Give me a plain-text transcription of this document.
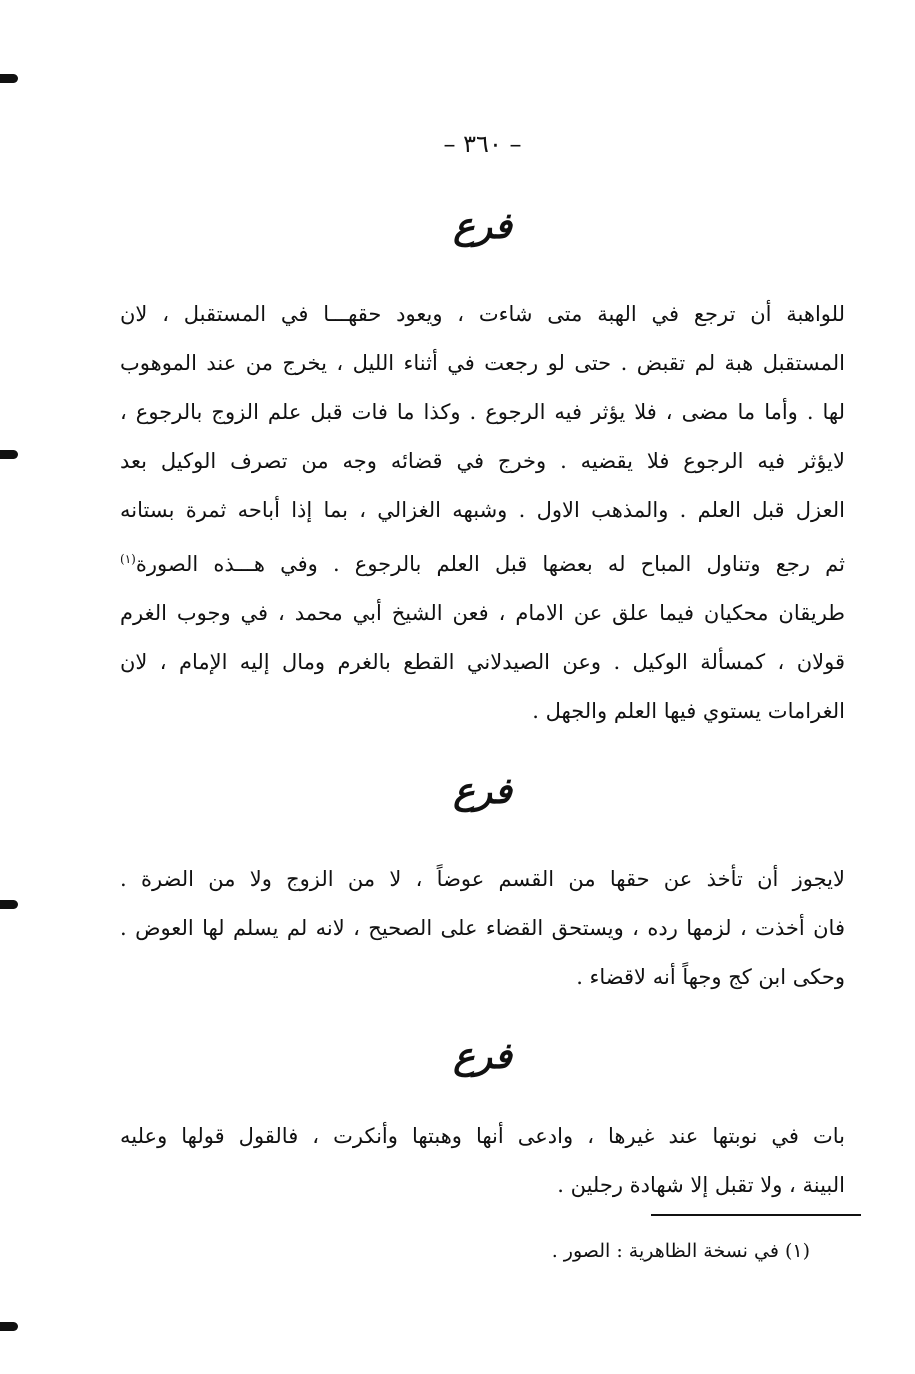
– ٣٦٠ –
فرع
للواهبة أن ترجع في الهبة متى شاءت ، ويعود حقهـــا في المستقبل ، لان
المستقبل هبة لم تقبض . حتى لو رجعت في أثناء الليل ، يخرج من عند الموهوب
لها . وأما ما مضى ، فلا يؤثر فيه الرجوع . وكذا ما فات قبل علم الزوج بالرجوع ،
لايؤثر فيه الرجوع فلا يقضيه . وخرج في قضائه وجه من تصرف الوكيل بعد
العزل قبل العلم . والمذهب الاول . وشبهه الغزالي ، بما إذا أباحه ثمرة بستانه
ثم رجع وتناول المباح له بعضها قبل العلم بالرجوع . وفي هـــذه الصورة$^{(١)}$
طريقان محكيان فيما علق عن الامام ، فعن الشيخ أبي محمد ، في وجوب الغرم
قولان ، كمسألة الوكيل . وعن الصيدلاني القطع بالغرم ومال إليه الإمام ، لان
الغرامات يستوي فيها العلم والجهل .
فرع
لايجوز أن تأخذ عن حقها من القسم عوضاً ، لا من الزوج ولا من الضرة .
فان أخذت ، لزمها رده ، ويستحق القضاء على الصحيح ، لانه لم يسلم لها العوض .
وحكى ابن كج وجهاً أنه لاقضاء .
فرع
بات في نوبتها عند غيرها ، وادعى أنها وهبتها وأنكرت ، فالقول قولها وعليه
البينة ، ولا تقبل إلا شهادة رجلين .
(١) في نسخة الظاهرية : الصور .
